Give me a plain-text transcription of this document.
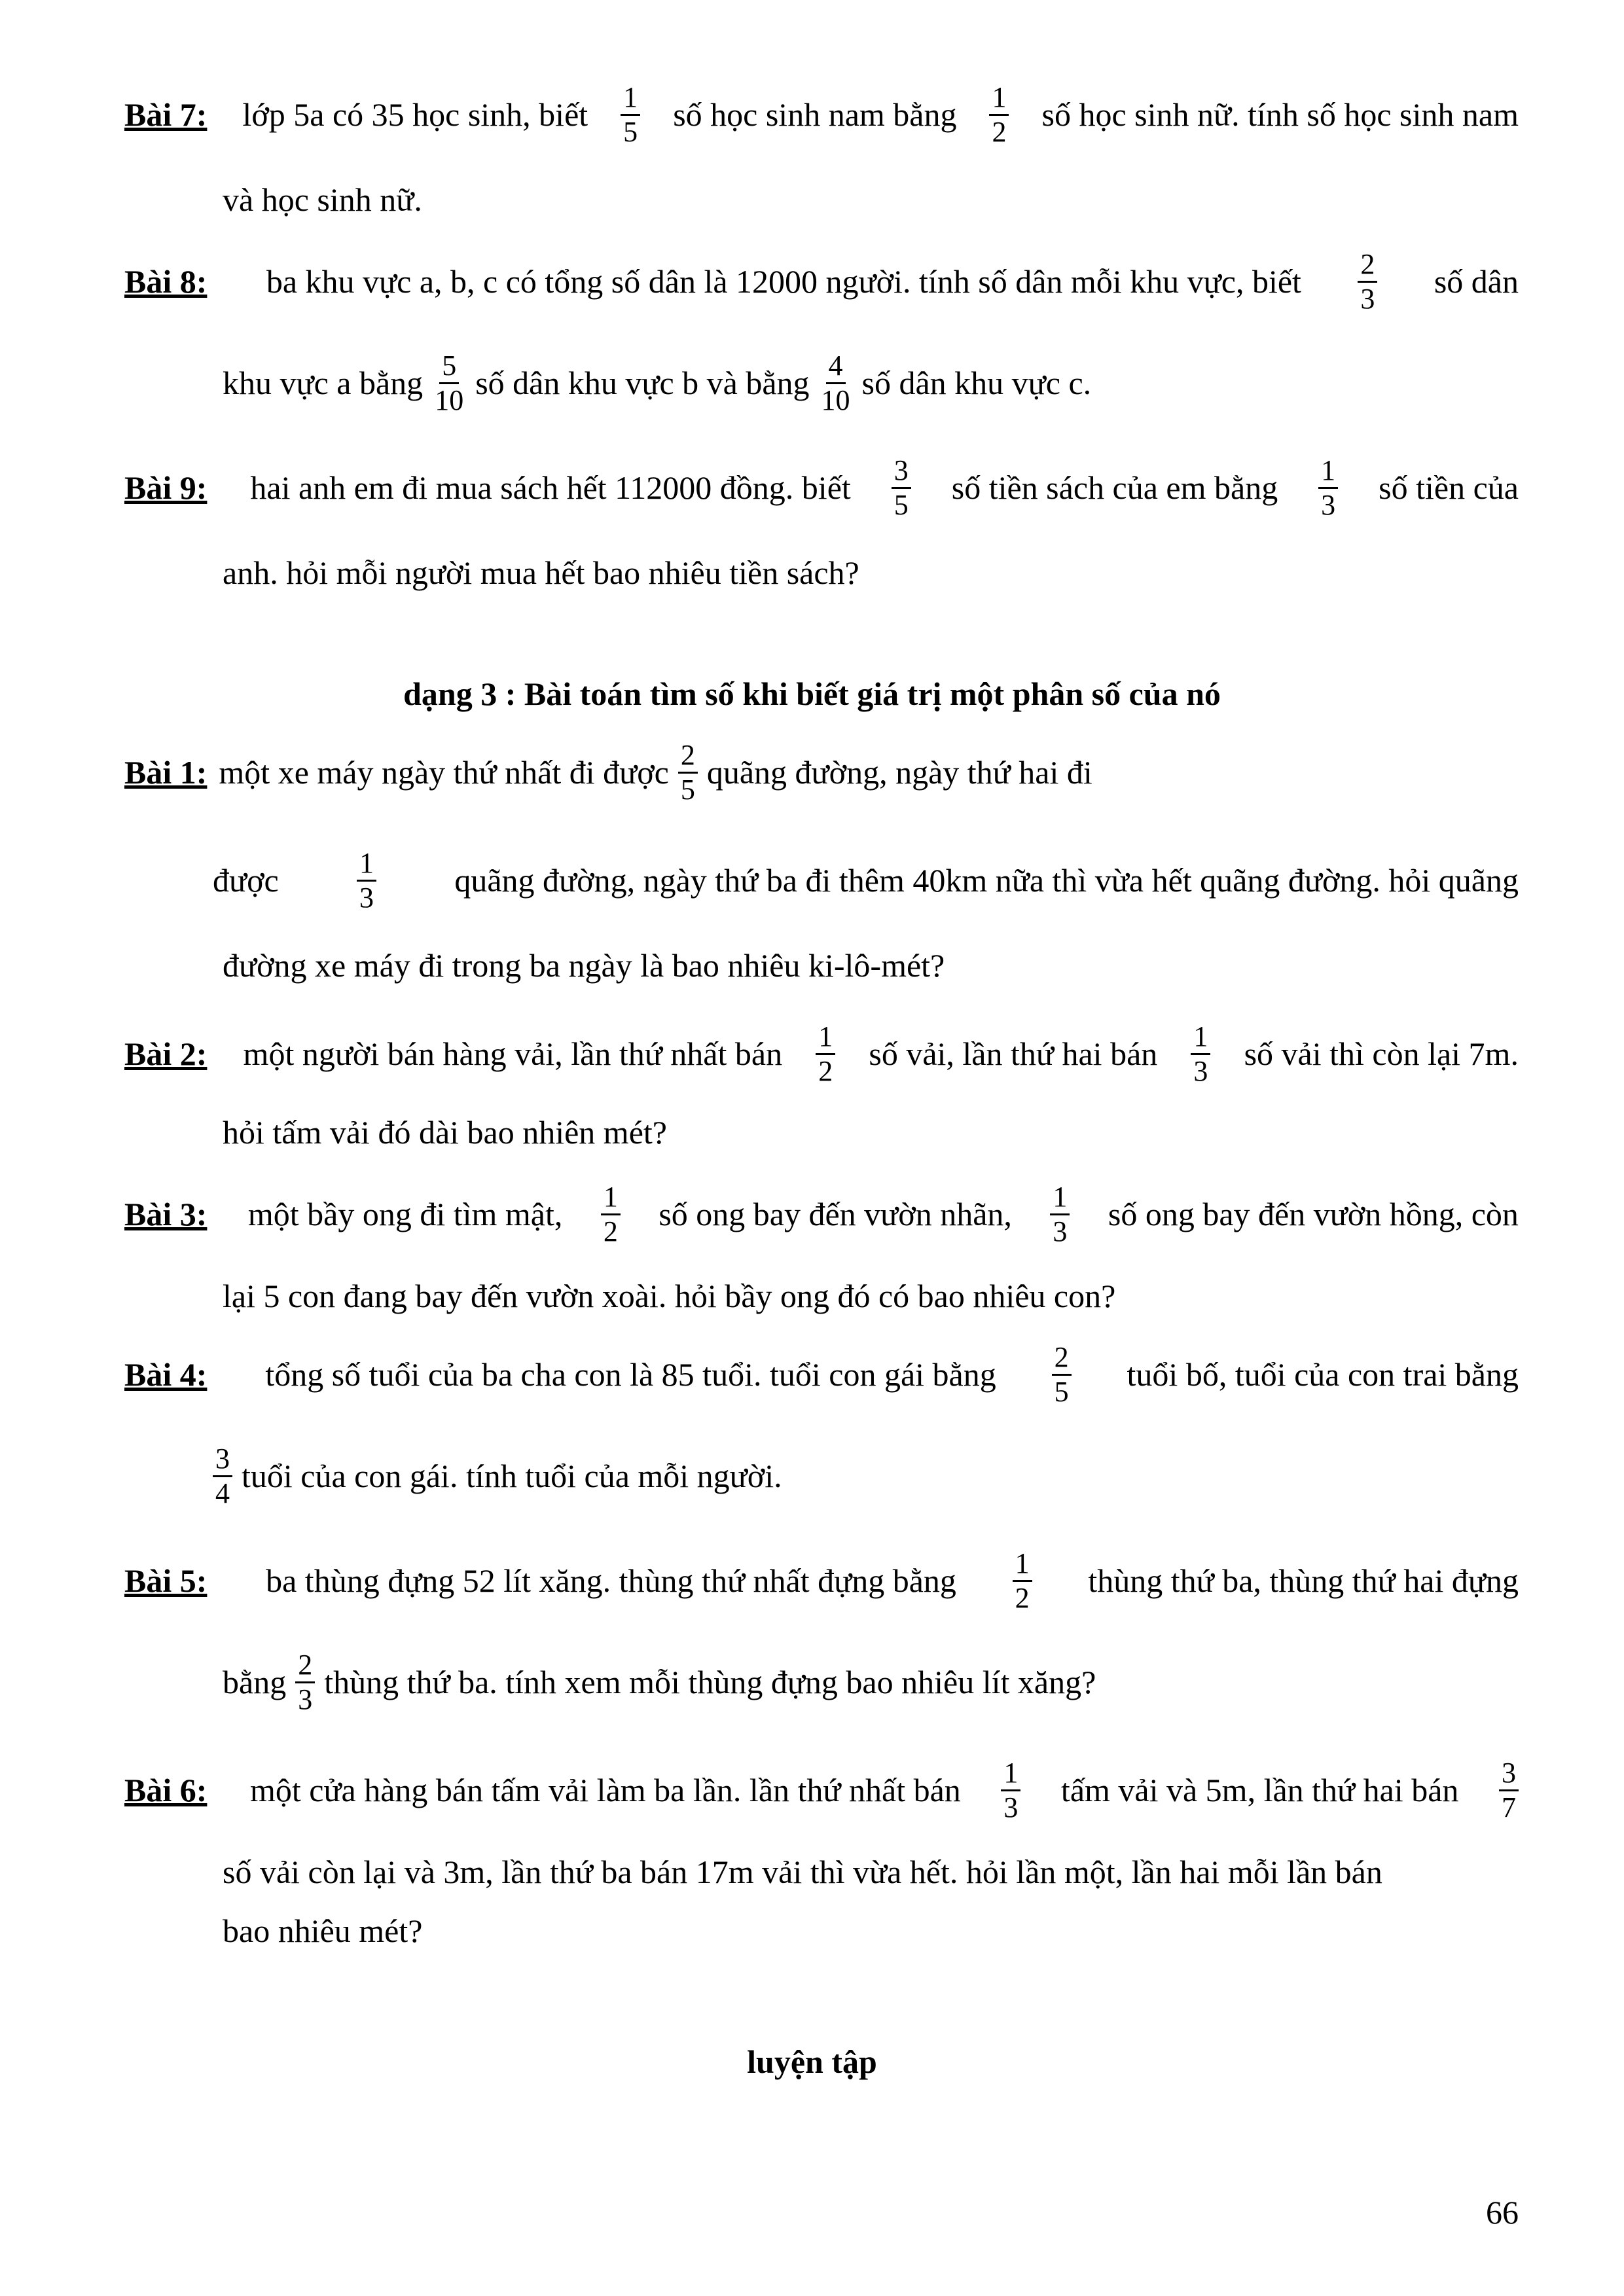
Bài 7: lớp 5a có 35 học sinh, biết $\frac{1}{5}$ số học sinh nam bằng $\frac{1}{2}$ số học sinh nữ. tính số học sinh nam
và học sinh nữ.
Bài 8: ba khu vực a, b, c có tổng số dân là 12000 người. tính số dân mỗi khu vực, biết $\frac{2}{3}$ số dân
khu vực a bằng $\frac{5}{10}$ số dân khu vực b và bằng $\frac{4}{10}$ số dân khu vực c.
Bài 9: hai anh em đi mua sách hết 112000 đồng. biết $\frac{3}{5}$ số tiền sách của em bằng $\frac{1}{3}$ số tiền của
anh. hỏi mỗi người mua hết bao nhiêu tiền sách?
dạng 3 : Bài toán tìm số khi biết giá trị một phân số của nó
Bài 1: một xe máy ngày thứ nhất đi được $\frac{2}{5}$ quãng đường, ngày thứ hai đi
được	$\frac{1}{3}$ quãng đường, ngày thứ ba đi thêm 40km nữa thì vừa hết quãng đường. hỏi quãng
đường xe máy đi trong ba ngày là bao nhiêu ki-lô-mét?
Bài 2: một người bán hàng vải, lần thứ nhất bán $\frac{1}{2}$ số vải, lần thứ hai bán $\frac{1}{3}$ số vải thì còn lại 7m.
hỏi tấm vải đó dài bao nhiên mét?
Bài 3: một bầy ong đi tìm mật, $\frac{1}{2}$ số ong bay đến vườn nhãn, $\frac{1}{3}$ số ong bay đến vườn hồng, còn
lại 5 con đang bay đến vườn xoài. hỏi bầy ong đó có bao nhiêu con?
Bài 4: tổng số tuổi của ba cha con là 85 tuổi. tuổi con gái bằng $\frac{2}{5}$ tuổi bố, tuổi của con trai bằng
$\frac{3}{4}$ tuổi của con gái. tính tuổi của mỗi người.
Bài 5: ba thùng đựng 52 lít xăng. thùng thứ nhất đựng bằng $\frac{1}{2}$ thùng thứ ba, thùng thứ hai đựng
bằng $\frac{2}{3}$ thùng thứ ba. tính xem mỗi thùng đựng bao nhiêu lít xăng?
Bài 6: một cửa hàng bán tấm vải làm ba lần. lần thứ nhất bán $\frac{1}{3}$ tấm vải và 5m, lần thứ hai bán $\frac{3}{7}$
số vải còn lại và 3m, lần thứ ba bán 17m vải thì vừa hết. hỏi lần một, lần hai mỗi lần bán
bao nhiêu mét?
luyện tập
66
